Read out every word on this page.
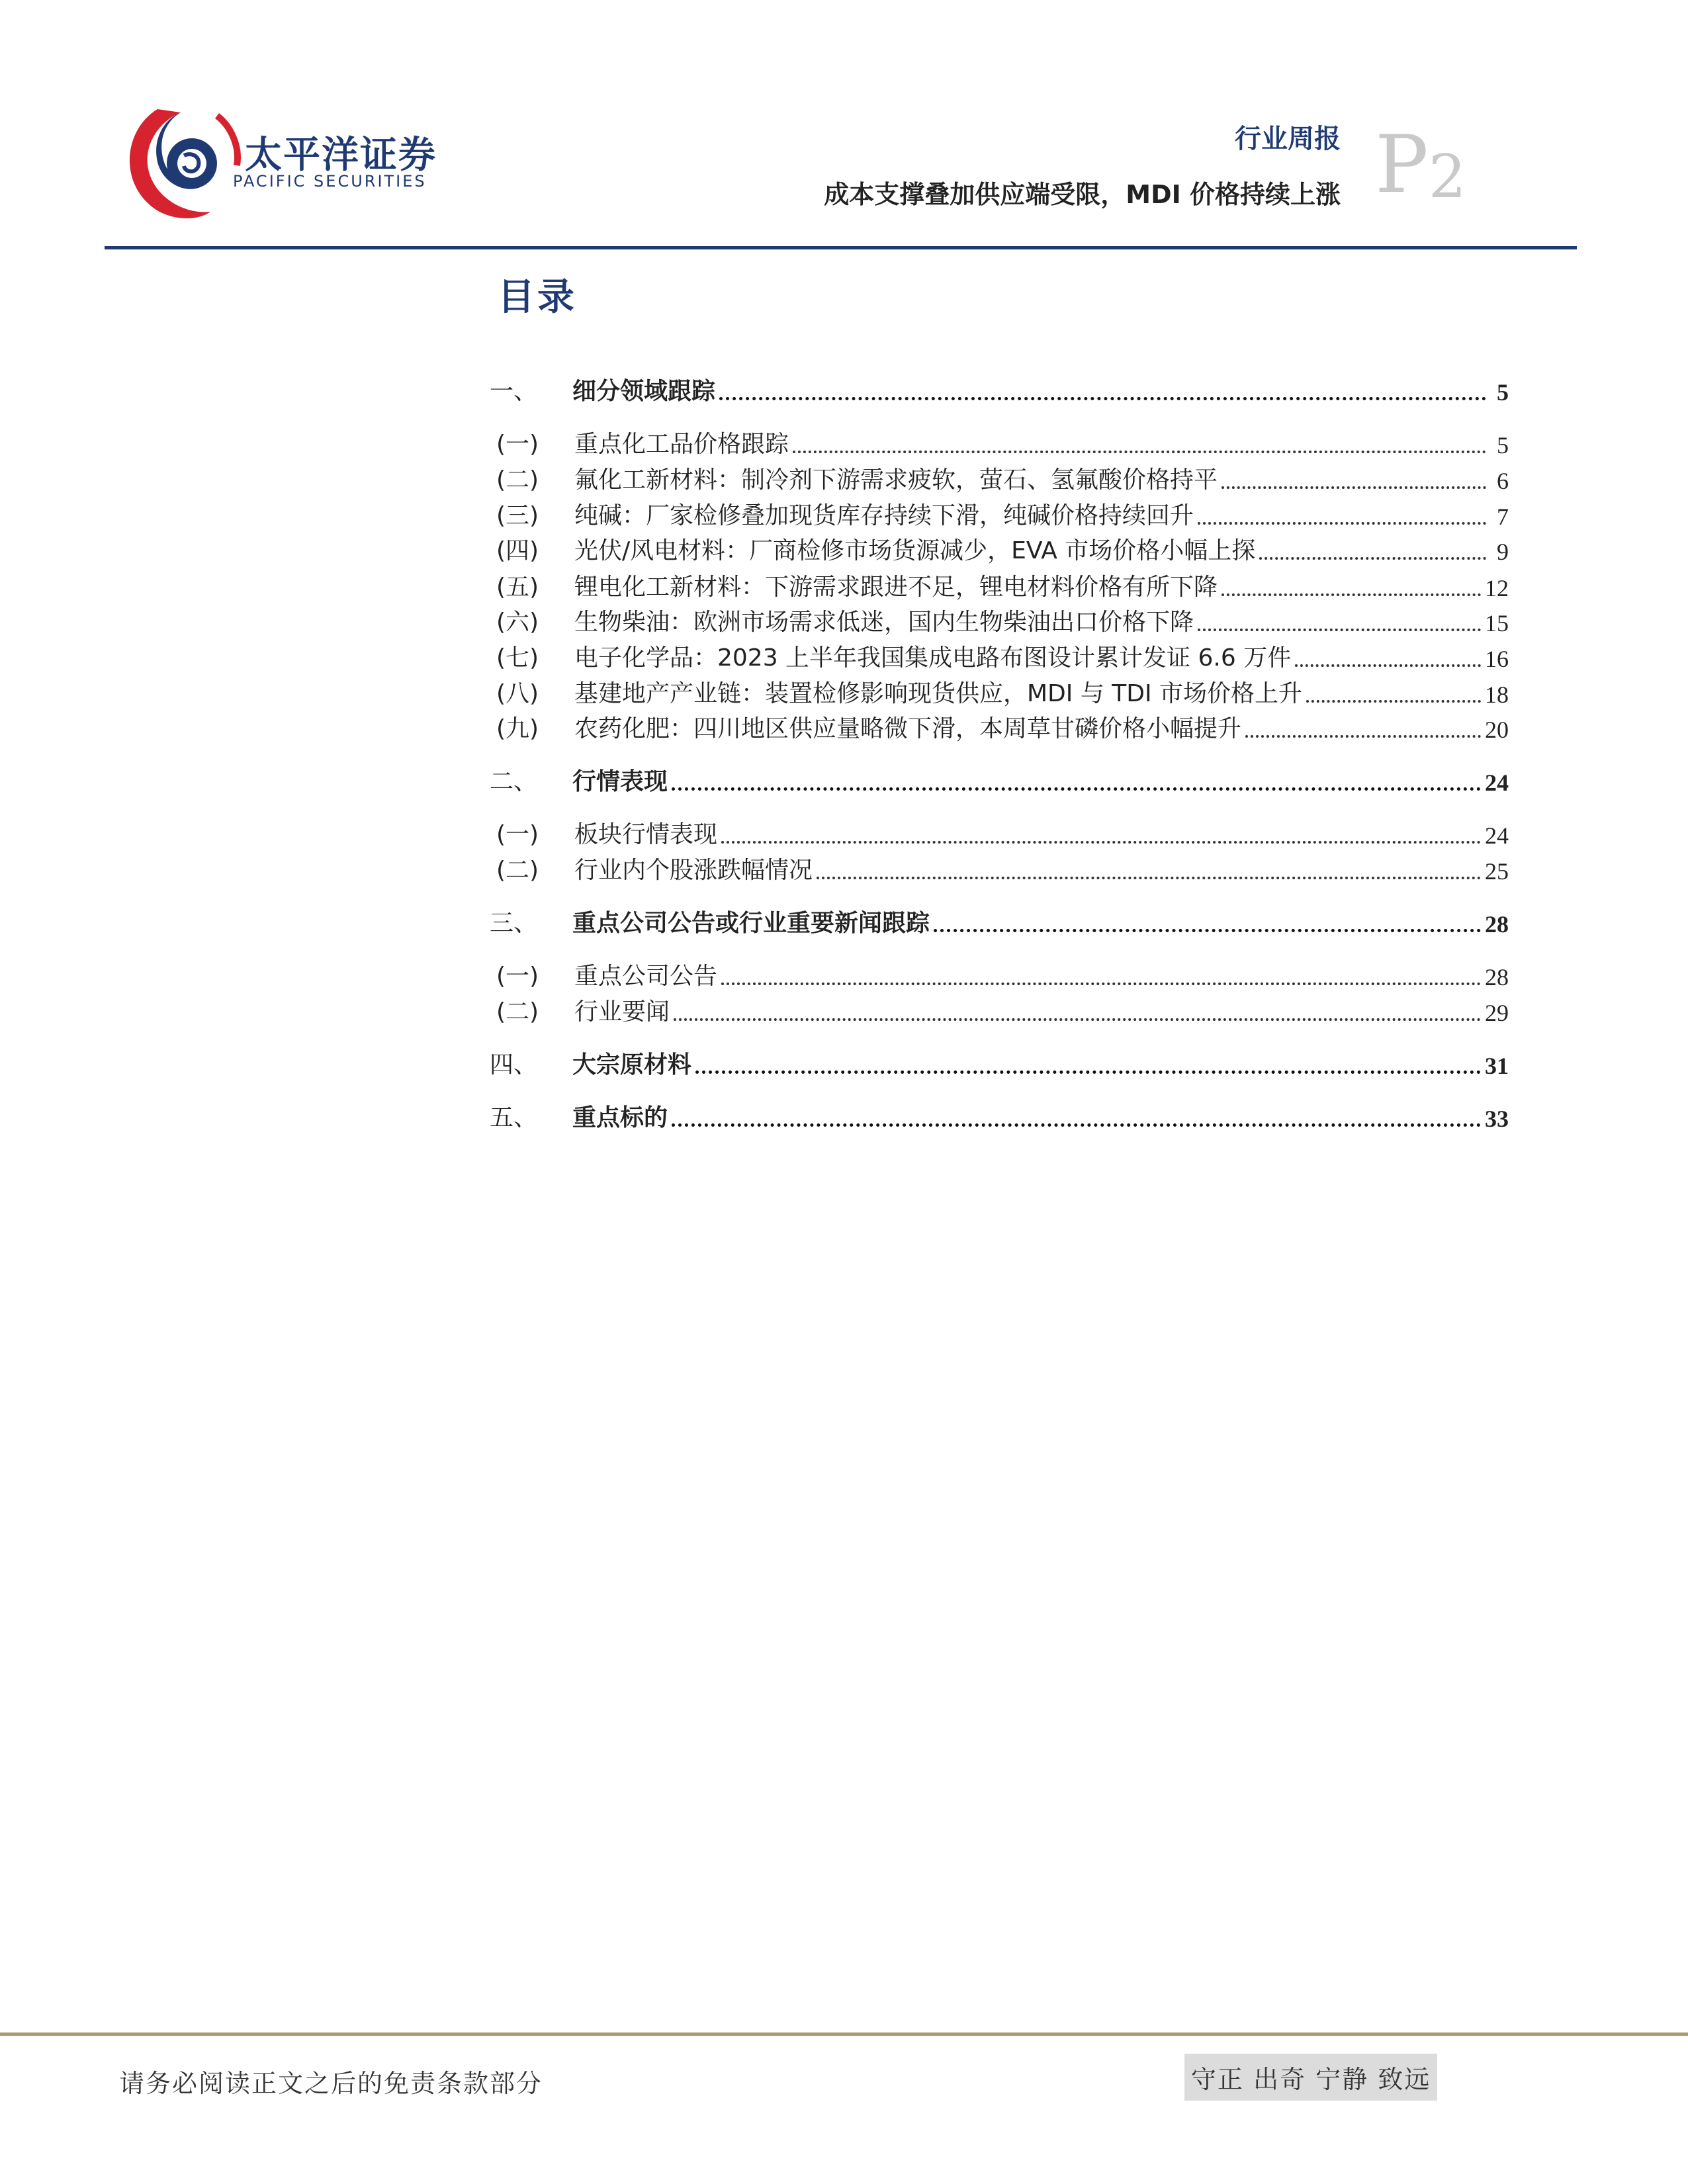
太平洋证券
PACIFIC SECURITIES
行业周报
成本支撑叠加供应端受限，MDI 价格持续上涨 $P_2$
目录
一、	细分领域跟踪	5
(一)	重点化工品价格跟踪	5
(二)	氟化工新材料：制冷剂下游需求疲软，萤石、氢氟酸价格持平	6
(三)	纯碱：厂家检修叠加现货库存持续下滑，纯碱价格持续回升	7
(四)	光伏/风电材料：厂商检修市场货源减少，EVA 市场价格小幅上探	9
(五)	锂电化工新材料：下游需求跟进不足，锂电材料价格有所下降	12
(六)	生物柴油：欧洲市场需求低迷，国内生物柴油出口价格下降	15
(七)	电子化学品：2023 上半年我国集成电路布图设计累计发证 6.6 万件	16
(八)	基建地产产业链：装置检修影响现货供应，MDI 与 TDI 市场价格上升	18
(九)	农药化肥：四川地区供应量略微下滑，本周草甘磷价格小幅提升	20
二、	行情表现	24
(一)	板块行情表现	24
(二)	行业内个股涨跌幅情况	25
三、	重点公司公告或行业重要新闻跟踪	28
(一)	重点公司公告	28
(二)	行业要闻	29
四、	大宗原材料	31
五、	重点标的	33
请务必阅读正文之后的免责条款部分	守正 出奇 宁静 致远
